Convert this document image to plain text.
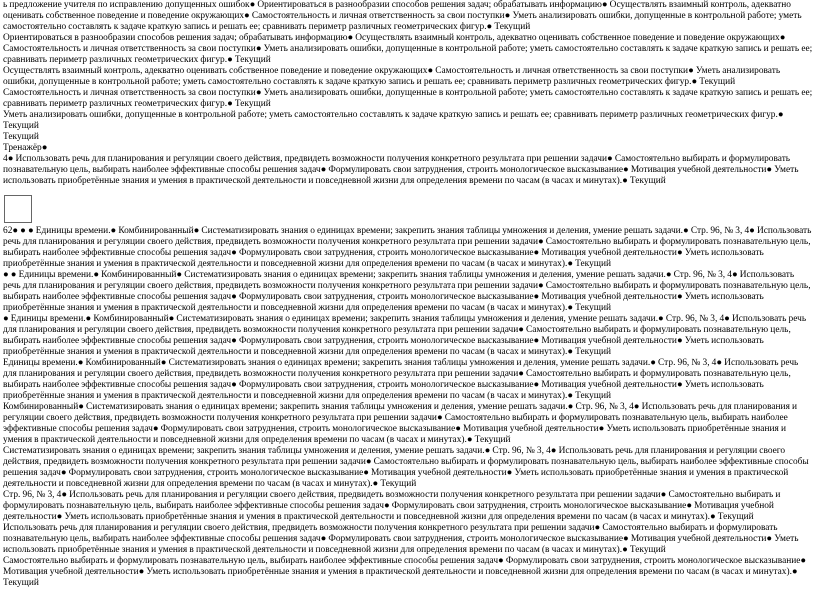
ь предложение учителя по исправлению допущенных ошибок● Ориентироваться в разнообразии способов решения задач; обрабатывать информацию● Осуществлять взаимный контроль, адекватно оценивать собственное поведение и поведение окружающих● Самостоятельность и личная ответственность за свои поступки● Уметь анализировать ошибки, допущенные в контрольной работе; уметь самостоятельно составлять к задаче краткую запись и решать ее; сравнивать периметр различных геометрических фигур.● Текущий

Ориентироваться в разнообразии способов решения задач; обрабатывать информацию● Осуществлять взаимный контроль, адекватно оценивать собственное поведение и поведение окружающих● Самостоятельность и личная ответственность за свои поступки● Уметь анализировать ошибки, допущенные в контрольной работе; уметь самостоятельно составлять к задаче краткую запись и решать ее; сравнивать периметр различных геометрических фигур.● Текущий

Осуществлять взаимный контроль, адекватно оценивать собственное поведение и поведение окружающих● Самостоятельность и личная ответственность за свои поступки● Уметь анализировать ошибки, допущенные в контрольной работе; уметь самостоятельно составлять к задаче краткую запись и решать ее; сравнивать периметр различных геометрических фигур.● Текущий

Самостоятельность и личная ответственность за свои поступки● Уметь анализировать ошибки, допущенные в контрольной работе; уметь самостоятельно составлять к задаче краткую запись и решать ее; сравнивать периметр различных геометрических фигур.● Текущий

Уметь анализировать ошибки, допущенные в контрольной работе; уметь самостоятельно составлять к задаче краткую запись и решать ее; сравнивать периметр различных геометрических фигур.● Текущий

Текущий

Тренажёр●

4● Использовать речь для планирования и регуляции своего действия, предвидеть возможности получения конкретного результата при решении задачи● Самостоятельно выбирать и формулировать познавательную цель, выбирать наиболее эффективные способы решения задач● Формулировать свои затруднения, строить монологическое высказывание● Мотивация учебной деятельности● Уметь использовать приобретённые знания и умения в практической деятельности и повседневной жизни для определения времени по часам (в часах и минутах).● Текущий

62● ● ● Единицы времени.● Комбинированный● Систематизировать знания о единицах времени; закрепить знания таблицы умножения и деления, умение решать задачи.● Стр. 96, № 3, 4● Использовать речь для планирования и регуляции своего действия, предвидеть возможности получения конкретного результата при решении задачи● Самостоятельно выбирать и формулировать познавательную цель, выбирать наиболее эффективные способы решения задач● Формулировать свои затруднения, строить монологическое высказывание● Мотивация учебной деятельности● Уметь использовать приобретённые знания и умения в практической деятельности и повседневной жизни для определения времени по часам (в часах и минутах).● Текущий

● ● Единицы времени.● Комбинированный● Систематизировать знания о единицах времени; закрепить знания таблицы умножения и деления, умение решать задачи.● Стр. 96, № 3, 4● Использовать речь для планирования и регуляции своего действия, предвидеть возможности получения конкретного результата при решении задачи● Самостоятельно выбирать и формулировать познавательную цель, выбирать наиболее эффективные способы решения задач● Формулировать свои затруднения, строить монологическое высказывание● Мотивация учебной деятельности● Уметь использовать приобретённые знания и умения в практической деятельности и повседневной жизни для определения времени по часам (в часах и минутах).● Текущий

● Единицы времени.● Комбинированный● Систематизировать знания о единицах времени; закрепить знания таблицы умножения и деления, умение решать задачи.● Стр. 96, № 3, 4● Использовать речь для планирования и регуляции своего действия, предвидеть возможности получения конкретного результата при решении задачи● Самостоятельно выбирать и формулировать познавательную цель, выбирать наиболее эффективные способы решения задач● Формулировать свои затруднения, строить монологическое высказывание● Мотивация учебной деятельности● Уметь использовать приобретённые знания и умения в практической деятельности и повседневной жизни для определения времени по часам (в часах и минутах).● Текущий

Единицы времени.● Комбинированный● Систематизировать знания о единицах времени; закрепить знания таблицы умножения и деления, умение решать задачи.● Стр. 96, № 3, 4● Использовать речь для планирования и регуляции своего действия, предвидеть возможности получения конкретного результата при решении задачи● Самостоятельно выбирать и формулировать познавательную цель, выбирать наиболее эффективные способы решения задач● Формулировать свои затруднения, строить монологическое высказывание● Мотивация учебной деятельности● Уметь использовать приобретённые знания и умения в практической деятельности и повседневной жизни для определения времени по часам (в часах и минутах).● Текущий

Комбинированный● Систематизировать знания о единицах времени; закрепить знания таблицы умножения и деления, умение решать задачи.● Стр. 96, № 3, 4● Использовать речь для планирования и регуляции своего действия, предвидеть возможности получения конкретного результата при решении задачи● Самостоятельно выбирать и формулировать познавательную цель, выбирать наиболее эффективные способы решения задач● Формулировать свои затруднения, строить монологическое высказывание● Мотивация учебной деятельности● Уметь использовать приобретённые знания и умения в практической деятельности и повседневной жизни для определения времени по часам (в часах и минутах).● Текущий

Систематизировать знания о единицах времени; закрепить знания таблицы умножения и деления, умение решать задачи.● Стр. 96, № 3, 4● Использовать речь для планирования и регуляции своего действия, предвидеть возможности получения конкретного результата при решении задачи● Самостоятельно выбирать и формулировать познавательную цель, выбирать наиболее эффективные способы решения задач● Формулировать свои затруднения, строить монологическое высказывание● Мотивация учебной деятельности● Уметь использовать приобретённые знания и умения в практической деятельности и повседневной жизни для определения времени по часам (в часах и минутах).● Текущий

Стр. 96, № 3, 4● Использовать речь для планирования и регуляции своего действия, предвидеть возможности получения конкретного результата при решении задачи● Самостоятельно выбирать и формулировать познавательную цель, выбирать наиболее эффективные способы решения задач● Формулировать свои затруднения, строить монологическое высказывание● Мотивация учебной деятельности● Уметь использовать приобретённые знания и умения в практической деятельности и повседневной жизни для определения времени по часам (в часах и минутах).● Текущий

Использовать речь для планирования и регуляции своего действия, предвидеть возможности получения конкретного результата при решении задачи● Самостоятельно выбирать и формулировать познавательную цель, выбирать наиболее эффективные способы решения задач● Формулировать свои затруднения, строить монологическое высказывание● Мотивация учебной деятельности● Уметь использовать приобретённые знания и умения в практической деятельности и повседневной жизни для определения времени по часам (в часах и минутах).● Текущий

Самостоятельно выбирать и формулировать познавательную цель, выбирать наиболее эффективные способы решения задач● Формулировать свои затруднения, строить монологическое высказывание● Мотивация учебной деятельности● Уметь использовать приобретённые знания и умения в практической деятельности и повседневной жизни для определения времени по часам (в часах и минутах).● Текущий
